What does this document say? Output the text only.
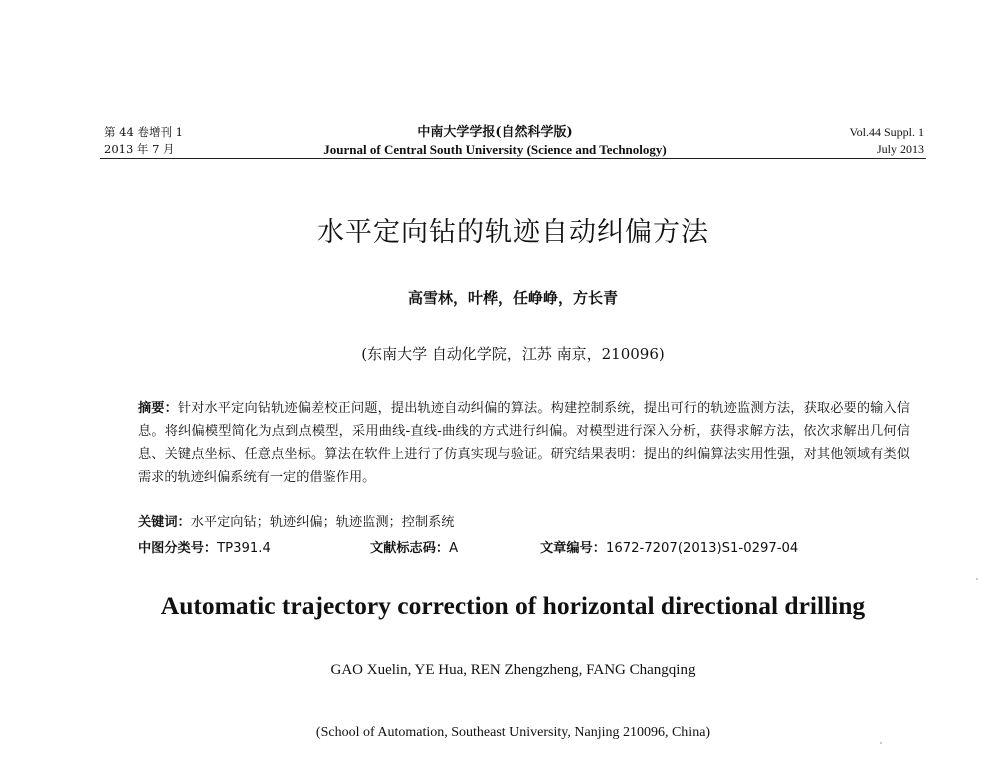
第 44 卷增刊 1
2013 年 7 月
中南大学学报(自然科学版)
Journal of Central South University (Science and Technology)
Vol.44 Suppl. 1
July 2013
水平定向钻的轨迹自动纠偏方法
高雪林，叶桦，任峥峥，方长青
(东南大学 自动化学院，江苏 南京，210096)
摘要：针对水平定向钻轨迹偏差校正问题，提出轨迹自动纠偏的算法。构建控制系统，提出可行的轨迹监测方法，获取必要的输入信息。将纠偏模型简化为点到点模型，采用曲线-直线-曲线的方式进行纠偏。对模型进行深入分析，获得求解方法，依次求解出几何信息、关键点坐标、任意点坐标。算法在软件上进行了仿真实现与验证。研究结果表明：提出的纠偏算法实用性强，对其他领域有类似需求的轨迹纠偏系统有一定的借鉴作用。
关键词：水平定向钻；轨迹纠偏；轨迹监测；控制系统
中图分类号：TP391.4	文献标志码：A	文章编号：1672-7207(2013)S1-0297-04
Automatic trajectory correction of horizontal directional drilling
GAO Xuelin, YE Hua, REN Zhengzheng, FANG Changqing
(School of Automation, Southeast University, Nanjing 210096, China)
